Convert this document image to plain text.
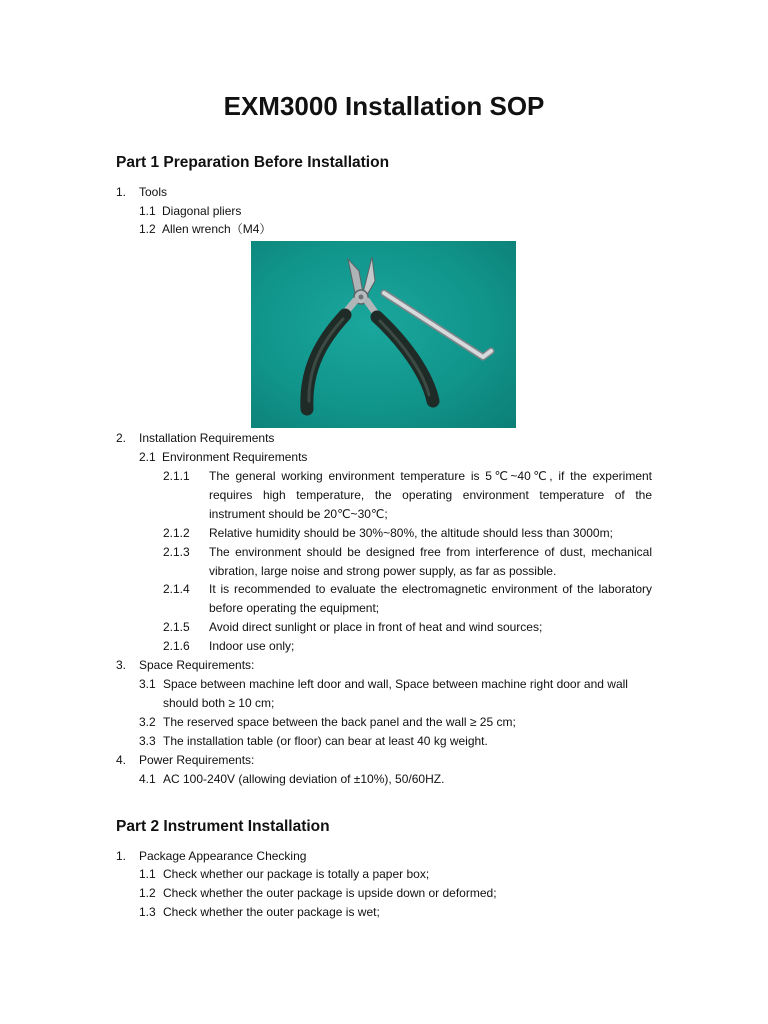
EXM3000 Installation SOP
Part 1 Preparation Before Installation
1. Tools
1.1 Diagonal pliers
1.2 Allen wrench（M4）
2. Installation Requirements
2.1 Environment Requirements
2.1.1 The general working environment temperature is 5℃~40℃, if the experiment requires high temperature, the operating environment temperature of the instrument should be 20℃~30℃;
2.1.2 Relative humidity should be 30%~80%, the altitude should less than 3000m;
2.1.3 The environment should be designed free from interference of dust, mechanical vibration, large noise and strong power supply, as far as possible.
2.1.4 It is recommended to evaluate the electromagnetic environment of the laboratory before operating the equipment;
2.1.5 Avoid direct sunlight or place in front of heat and wind sources;
2.1.6 Indoor use only;
3. Space Requirements:
3.1 Space between machine left door and wall, Space between machine right door and wall should both ≥ 10 cm;
3.2 The reserved space between the back panel and the wall ≥ 25 cm;
3.3 The installation table (or floor) can bear at least 40 kg weight.
4. Power Requirements:
4.1 AC 100-240V (allowing deviation of ±10%), 50/60HZ.
Part 2 Instrument Installation
1. Package Appearance Checking
1.1 Check whether our package is totally a paper box;
1.2 Check whether the outer package is upside down or deformed;
1.3 Check whether the outer package is wet;
